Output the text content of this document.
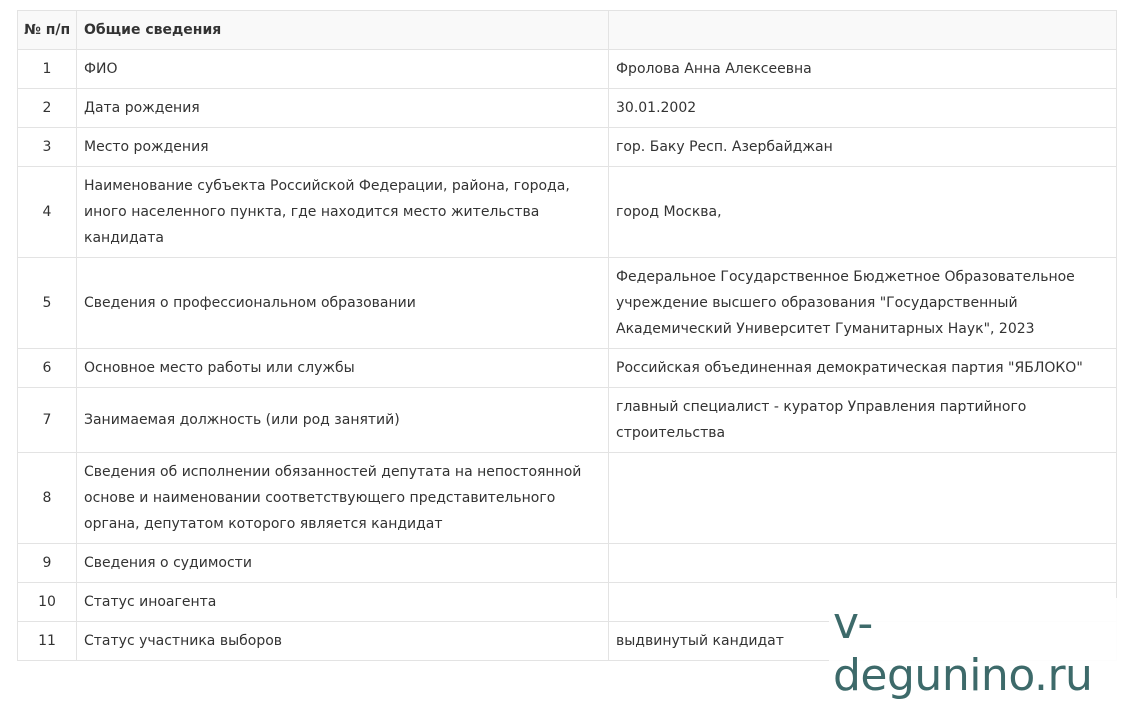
№ п/п	Общие сведения	
1	ФИО	Фролова Анна Алексеевна
2	Дата рождения	30.01.2002
3	Место рождения	гор. Баку Респ. Азербайджан
4	Наименование субъекта Российской Федерации, района, города, иного населенного пункта, где находится место жительства кандидата	город Москва,
5	Сведения о профессиональном образовании	Федеральное Государственное Бюджетное Образовательное учреждение высшего образования "Государственный Академический Университет Гуманитарных Наук", 2023
6	Основное место работы или службы	Российская объединенная демократическая партия "ЯБЛОКО"
7	Занимаемая должность (или род занятий)	главный специалист - куратор Управления партийного строительства
8	Сведения об исполнении обязанностей депутата на непостоянной основе и наименовании соответствующего представительного органа, депутатом которого является кандидат	
9	Сведения о судимости	
10	Статус иноагента	
11	Статус участника выборов	выдвинутый кандидат v-degunino.ru
